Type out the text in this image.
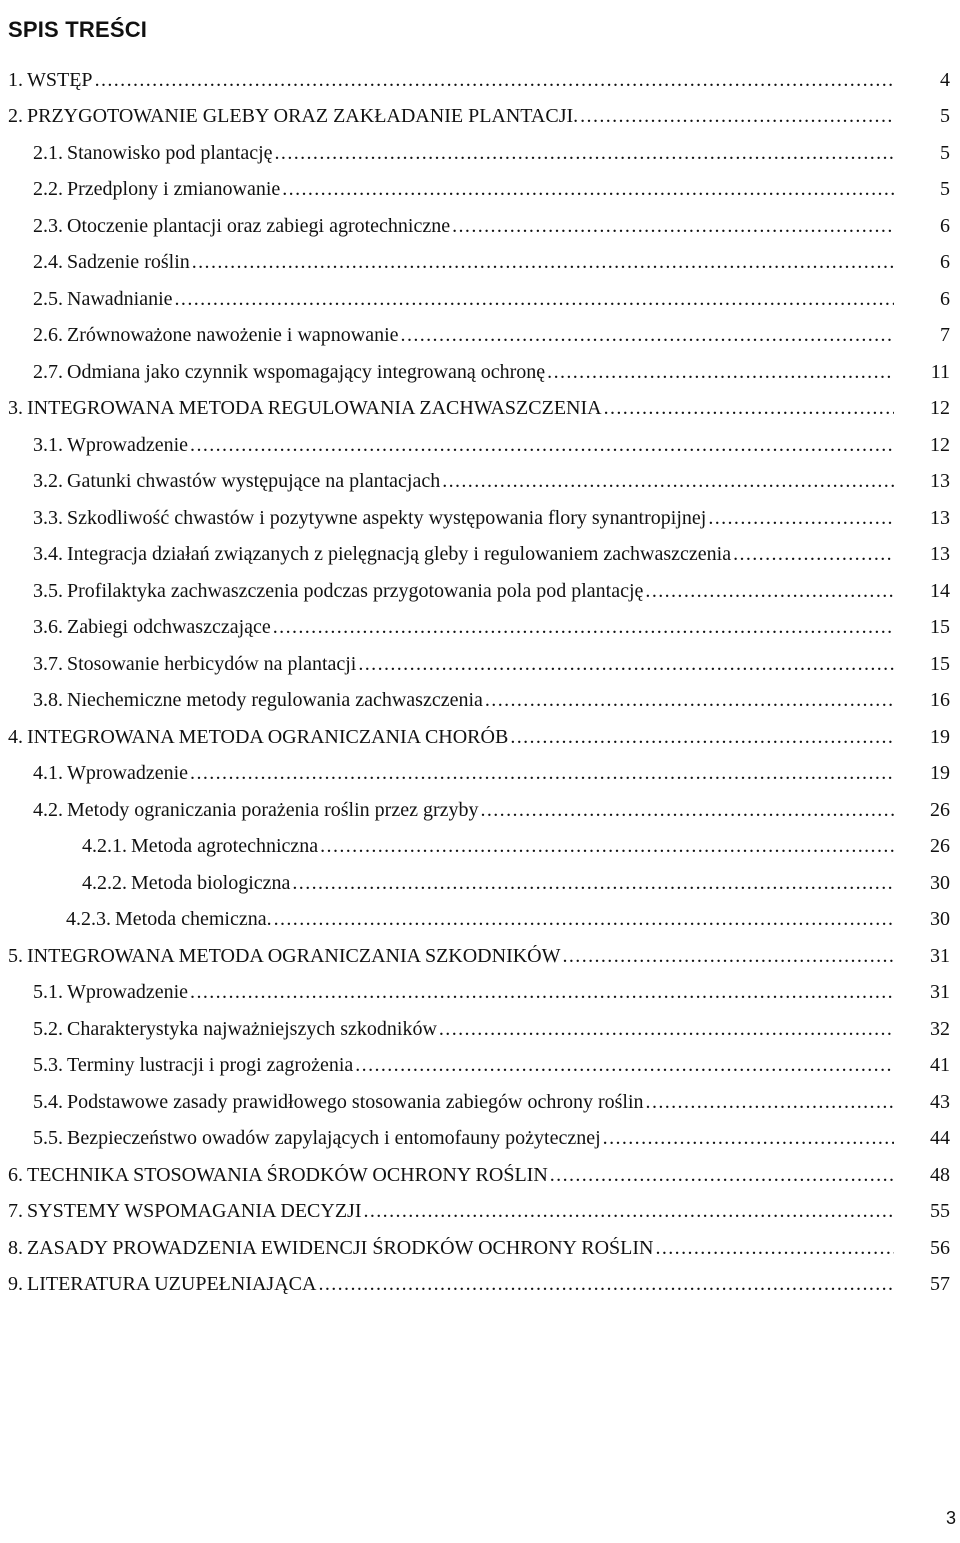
SPIS TREŚCI
1. WSTĘP . . .	4
2. PRZYGOTOWANIE GLEBY ORAZ ZAKŁADANIE PLANTACJI. . . .	5
2.1. Stanowisko pod plantację . . .	5
2.2. Przedplony i zmianowanie . . .	5
2.3. Otoczenie plantacji oraz zabiegi agrotechniczne . . .	6
2.4. Sadzenie roślin . . .	6
2.5. Nawadnianie . . .	6
2.6. Zrównoważone nawożenie i wapnowanie . . .	7
2.7. Odmiana jako czynnik wspomagający integrowaną ochronę . . .	11
3. INTEGROWANA METODA REGULOWANIA ZACHWASZCZENIA . . .	12
3.1. Wprowadzenie . . .	12
3.2. Gatunki chwastów występujące na plantacjach . . .	13
3.3. Szkodliwość chwastów i pozytywne aspekty występowania flory synantropijnej . . .	13
3.4. Integracja działań związanych z pielęgnacją gleby i regulowaniem zachwaszczenia . . .	13
3.5. Profilaktyka zachwaszczenia podczas przygotowania pola pod plantację . . .	14
3.6. Zabiegi odchwaszczające . . .	15
3.7. Stosowanie herbicydów na plantacji . . .	15
3.8. Niechemiczne metody regulowania zachwaszczenia . . .	16
4. INTEGROWANA METODA OGRANICZANIA CHORÓB . . .	19
4.1. Wprowadzenie . . .	19
4.2. Metody ograniczania porażenia roślin przez grzyby . . .	26
4.2.1. Metoda agrotechniczna . . .	26
4.2.2. Metoda biologiczna . . .	30
4.2.3. Metoda chemiczna. . . .	30
5. INTEGROWANA METODA OGRANICZANIA SZKODNIKÓW . . .	31
5.1. Wprowadzenie . . .	31
5.2. Charakterystyka najważniejszych szkodników . . .	32
5.3. Terminy lustracji i progi zagrożenia . . .	41
5.4. Podstawowe zasady prawidłowego stosowania zabiegów ochrony roślin . . .	43
5.5. Bezpieczeństwo owadów zapylających i entomofauny pożytecznej . . .	44
6. TECHNIKA STOSOWANIA ŚRODKÓW OCHRONY ROŚLIN . . .	48
7. SYSTEMY WSPOMAGANIA DECYZJI . . .	55
8. ZASADY PROWADZENIA EWIDENCJI ŚRODKÓW OCHRONY ROŚLIN . . .	56
9. LITERATURA UZUPEŁNIAJĄCA . . .	57
3
